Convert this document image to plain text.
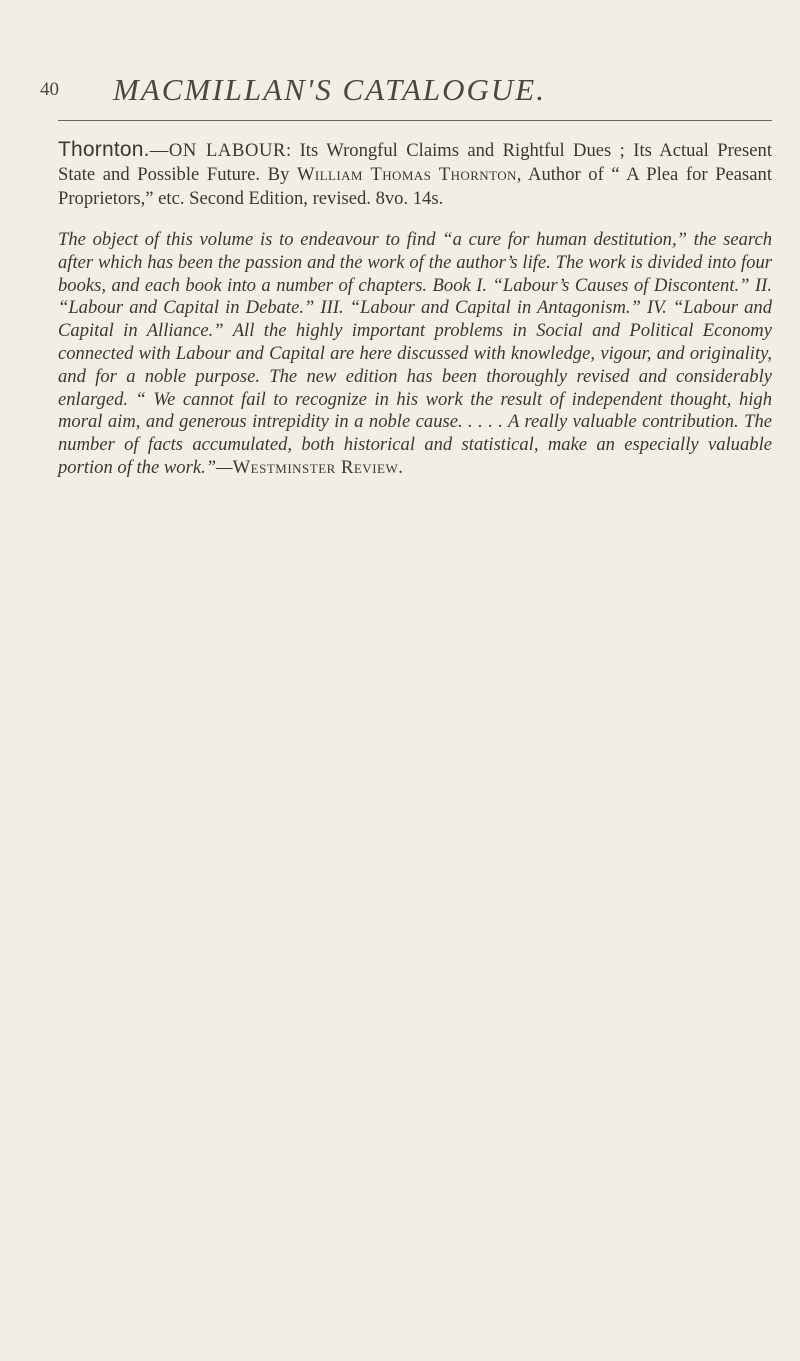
40 MACMILLAN'S CATALOGUE.

Thornton.—ON LABOUR: Its Wrongful Claims and Rightful Dues ; Its Actual Present State and Possible Future. By William Thomas Thornton, Author of “ A Plea for Peasant Proprietors,” etc. Second Edition, revised. 8vo. 14s.

The object of this volume is to endeavour to find “a cure for human destitution,” the search after which has been the passion and the work of the author’s life. The work is divided into four books, and each book into a number of chapters. Book I. “Labour’s Causes of Discontent.” II. “Labour and Capital in Debate.” III. “Labour and Capital in Antagonism.” IV. “Labour and Capital in Alliance.” All the highly important problems in Social and Political Economy connected with Labour and Capital are here discussed with knowledge, vigour, and originality, and for a noble purpose. The new edition has been thoroughly revised and considerably enlarged. “ We cannot fail to recognize in his work the result of independent thought, high moral aim, and generous intrepidity in a noble cause. . . . . A really valuable contribution. The number of facts accumulated, both historical and statistical, make an especially valuable portion of the work.”—Westminster Review.
